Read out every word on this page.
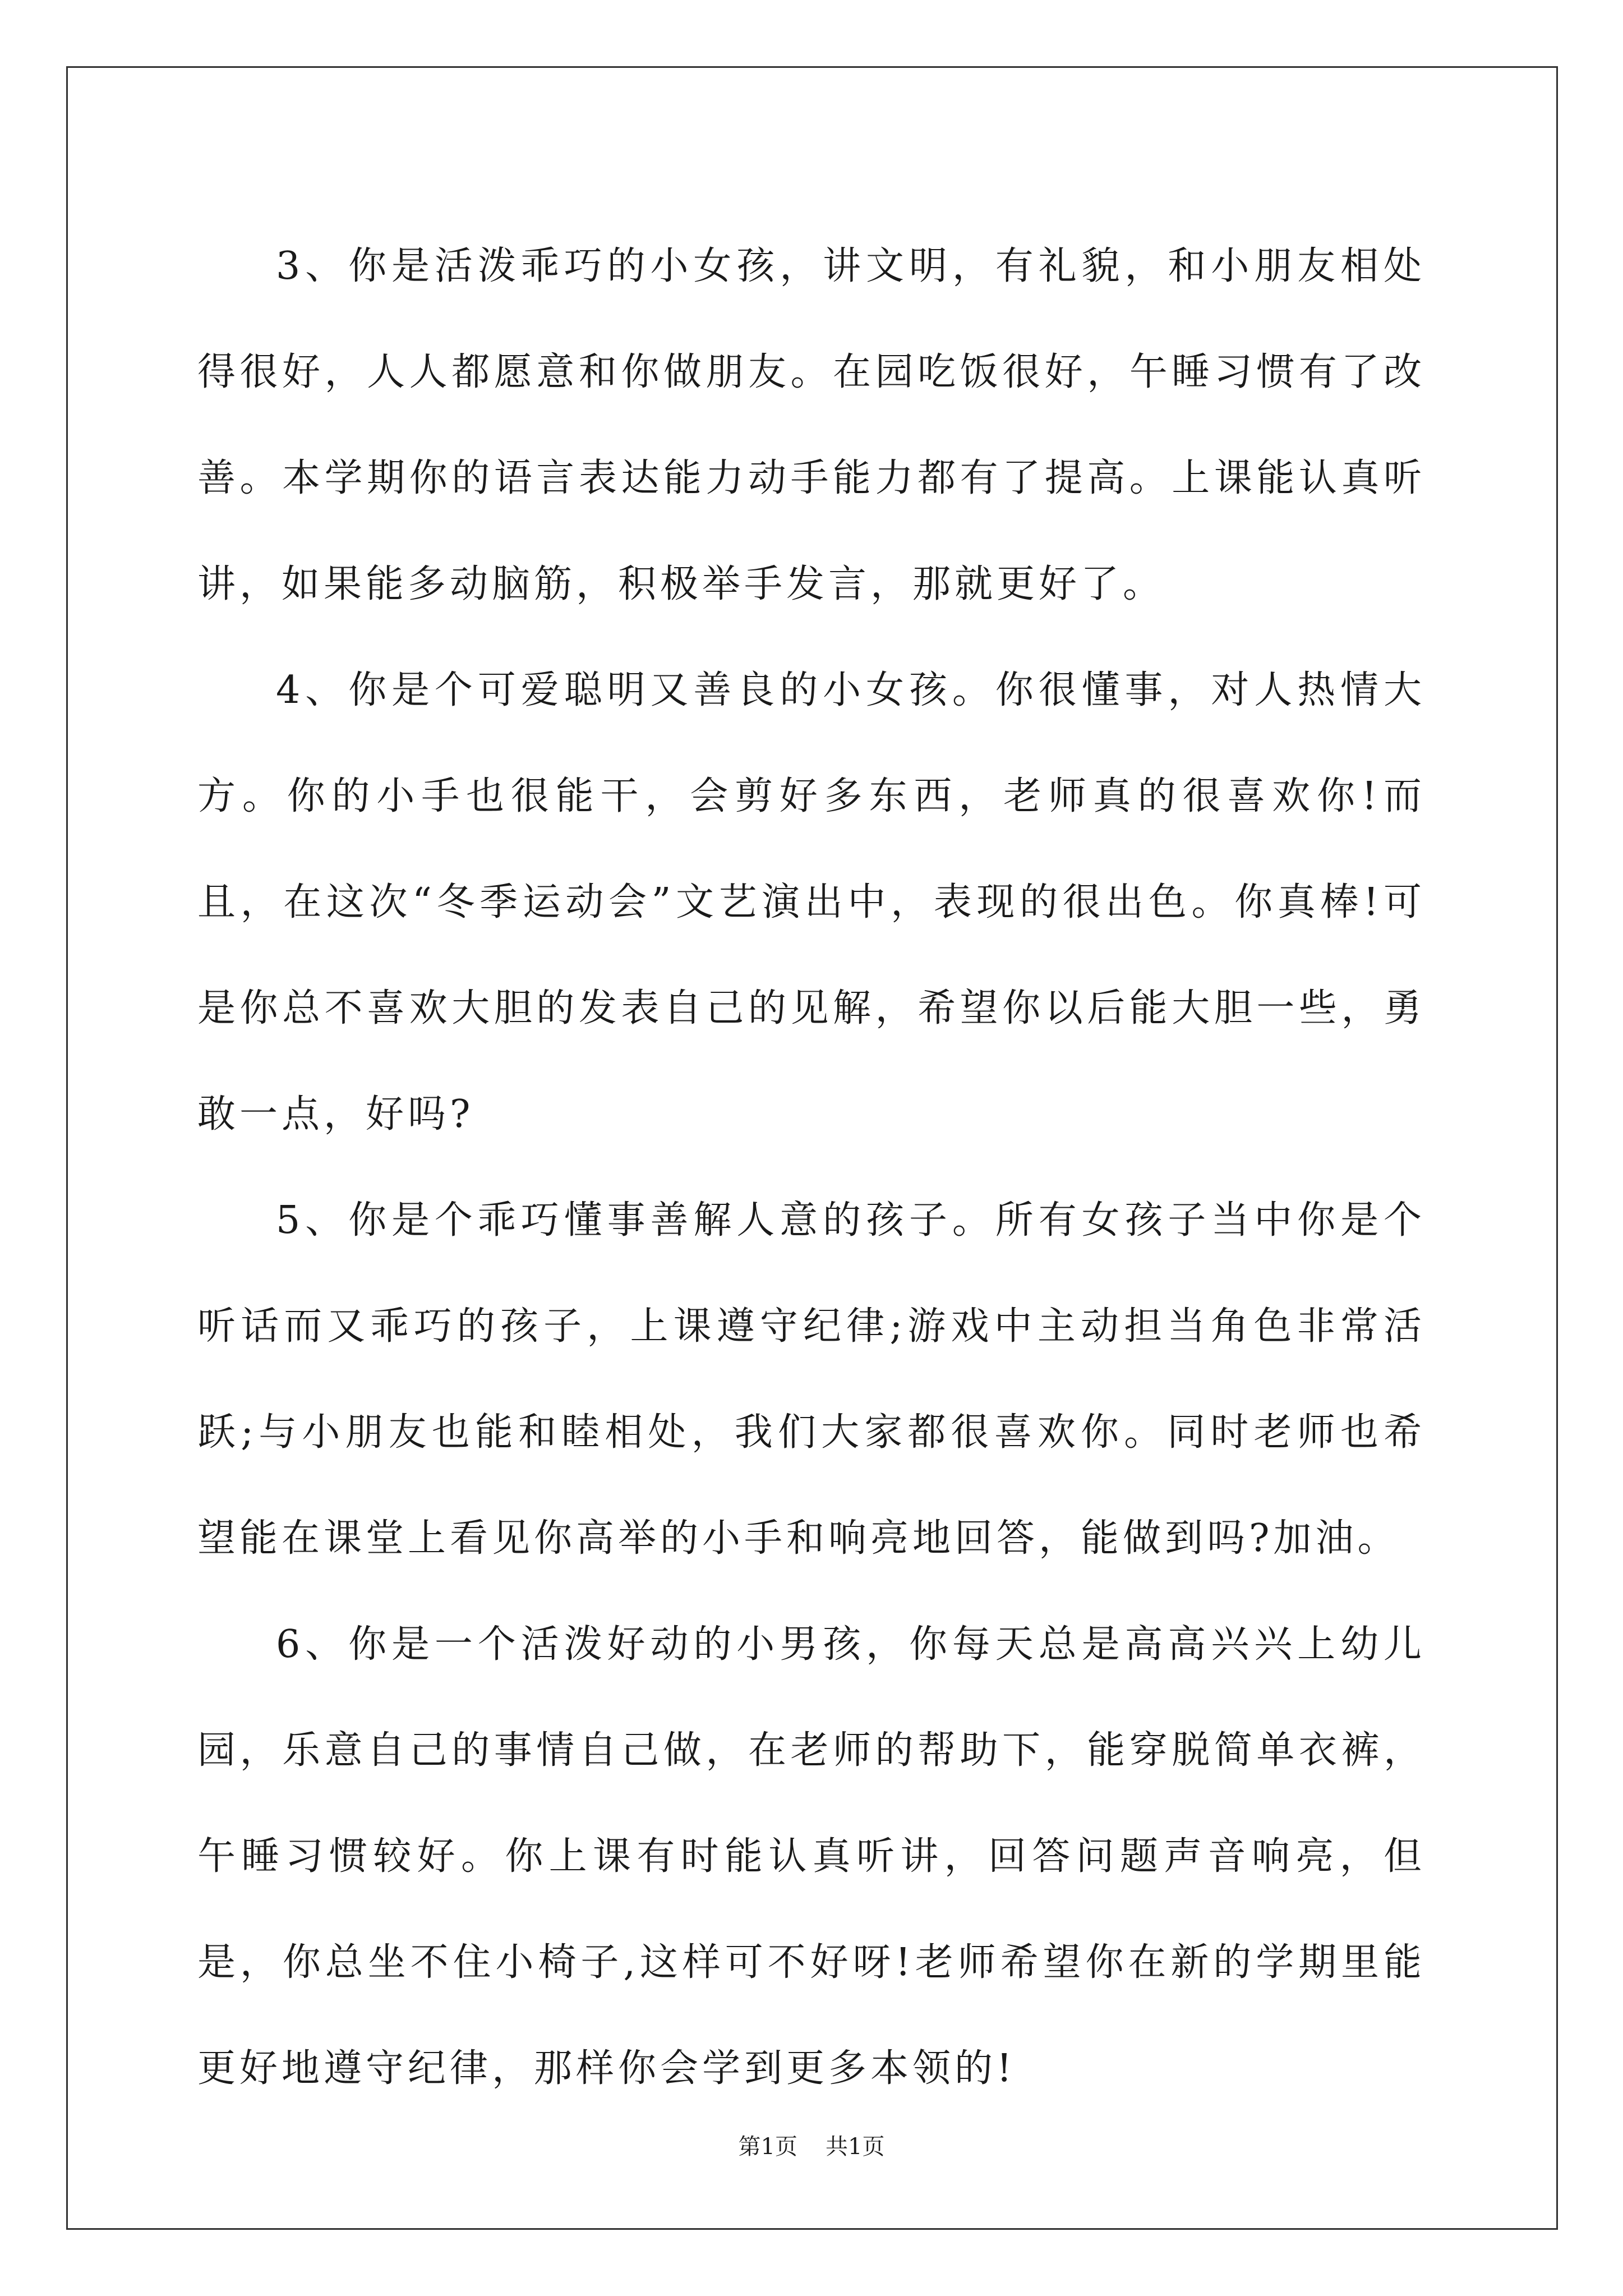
3、你是活泼乖巧的小女孩，讲文明，有礼貌，和小朋友相处得很好，人人都愿意和你做朋友。在园吃饭很好，午睡习惯有了改善。本学期你的语言表达能力动手能力都有了提高。上课能认真听讲，如果能多动脑筋，积极举手发言，那就更好了。

4、你是个可爱聪明又善良的小女孩。你很懂事，对人热情大方。你的小手也很能干，会剪好多东西，老师真的很喜欢你!而且，在这次“冬季运动会”文艺演出中，表现的很出色。你真棒!可是你总不喜欢大胆的发表自己的见解，希望你以后能大胆一些，勇敢一点，好吗?

5、你是个乖巧懂事善解人意的孩子。所有女孩子当中你是个听话而又乖巧的孩子，上课遵守纪律;游戏中主动担当角色非常活跃;与小朋友也能和睦相处，我们大家都很喜欢你。同时老师也希望能在课堂上看见你高举的小手和响亮地回答，能做到吗?加油。

6、你是一个活泼好动的小男孩，你每天总是高高兴兴上幼儿园，乐意自己的事情自己做，在老师的帮助下，能穿脱简单衣裤，午睡习惯较好。你上课有时能认真听讲，回答问题声音响亮，但是，你总坐不住小椅子,这样可不好呀!老师希望你在新的学期里能更好地遵守纪律，那样你会学到更多本领的!

第1页 共1页
